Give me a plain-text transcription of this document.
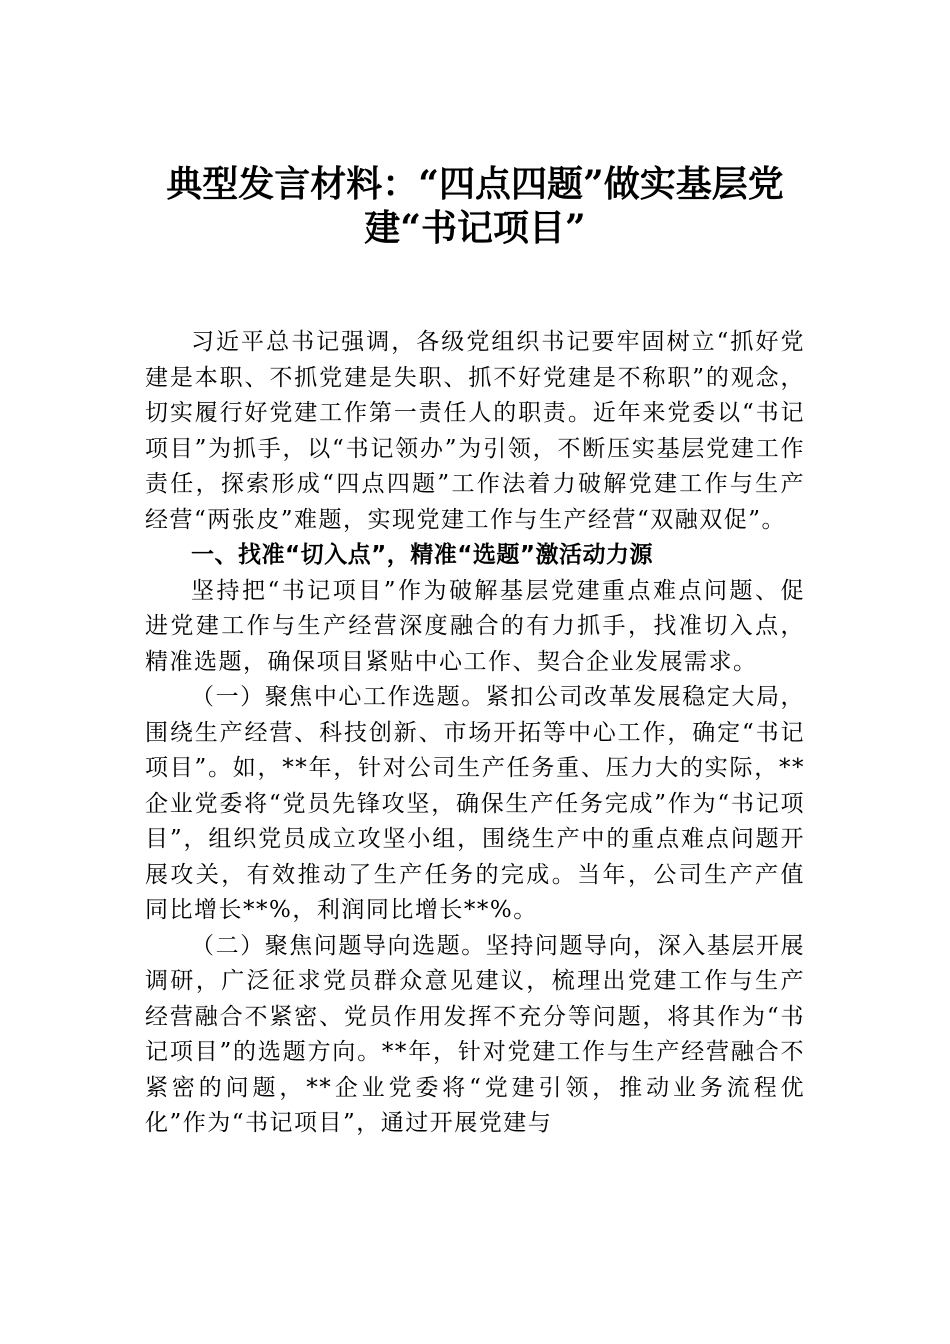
典型发言材料：“四点四题”做实基层党
建“书记项目”

习近平总书记强调，各级党组织书记要牢固树立“抓好党建是本职、不抓党建是失职、抓不好党建是不称职”的观念，切实履行好党建工作第一责任人的职责。近年来党委以“书记项目”为抓手，以“书记领办”为引领，不断压实基层党建工作责任，探索形成“四点四题”工作法着力破解党建工作与生产经营“两张皮”难题，实现党建工作与生产经营“双融双促”。

一、找准“切入点”，精准“选题”激活动力源

坚持把“书记项目”作为破解基层党建重点难点问题、促进党建工作与生产经营深度融合的有力抓手，找准切入点，精准选题，确保项目紧贴中心工作、契合企业发展需求。

（一）聚焦中心工作选题。紧扣公司改革发展稳定大局，围绕生产经营、科技创新、市场开拓等中心工作，确定“书记项目”。如，**年，针对公司生产任务重、压力大的实际，**企业党委将“党员先锋攻坚，确保生产任务完成”作为“书记项目”，组织党员成立攻坚小组，围绕生产中的重点难点问题开展攻关，有效推动了生产任务的完成。当年，公司生产产值同比增长**%，利润同比增长**%。

（二）聚焦问题导向选题。坚持问题导向，深入基层开展调研，广泛征求党员群众意见建议，梳理出党建工作与生产经营融合不紧密、党员作用发挥不充分等问题，将其作为“书记项目”的选题方向。**年，针对党建工作与生产经营融合不紧密的问题，**企业党委将“党建引领，推动业务流程优化”作为“书记项目”，通过开展党建与
